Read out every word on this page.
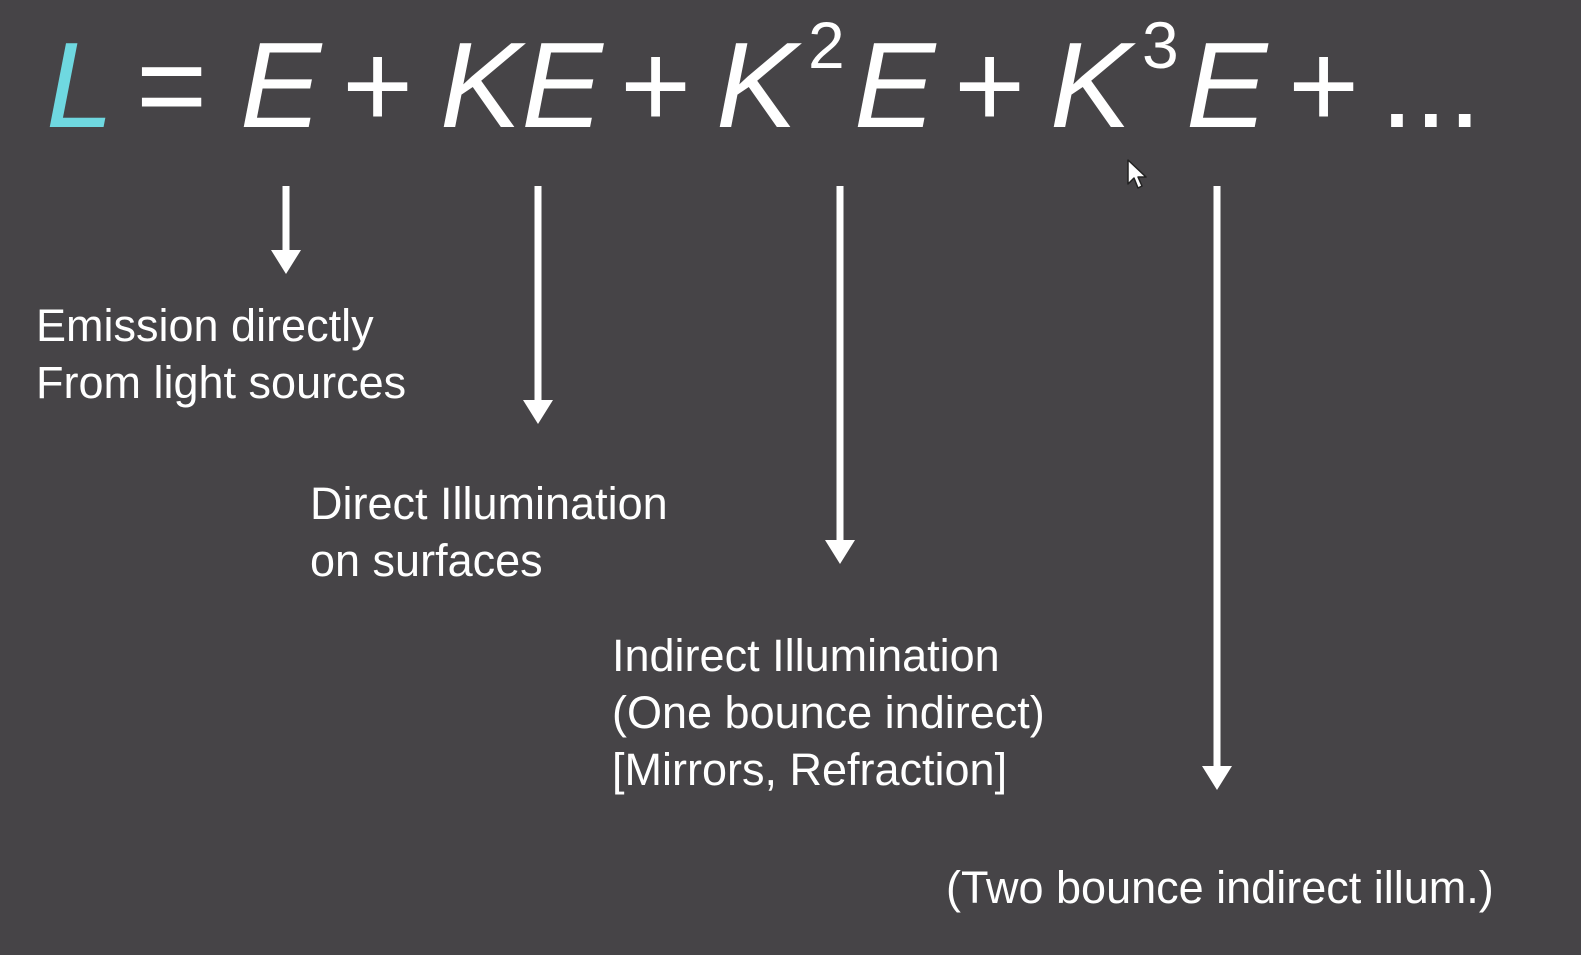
L = E + KE + K 2 E + K 3 E + ...
Emission directly
From light sources
Direct Illumination
on surfaces
Indirect Illumination
(One bounce indirect)
[Mirrors, Refraction]
(Two bounce indirect illum.)
